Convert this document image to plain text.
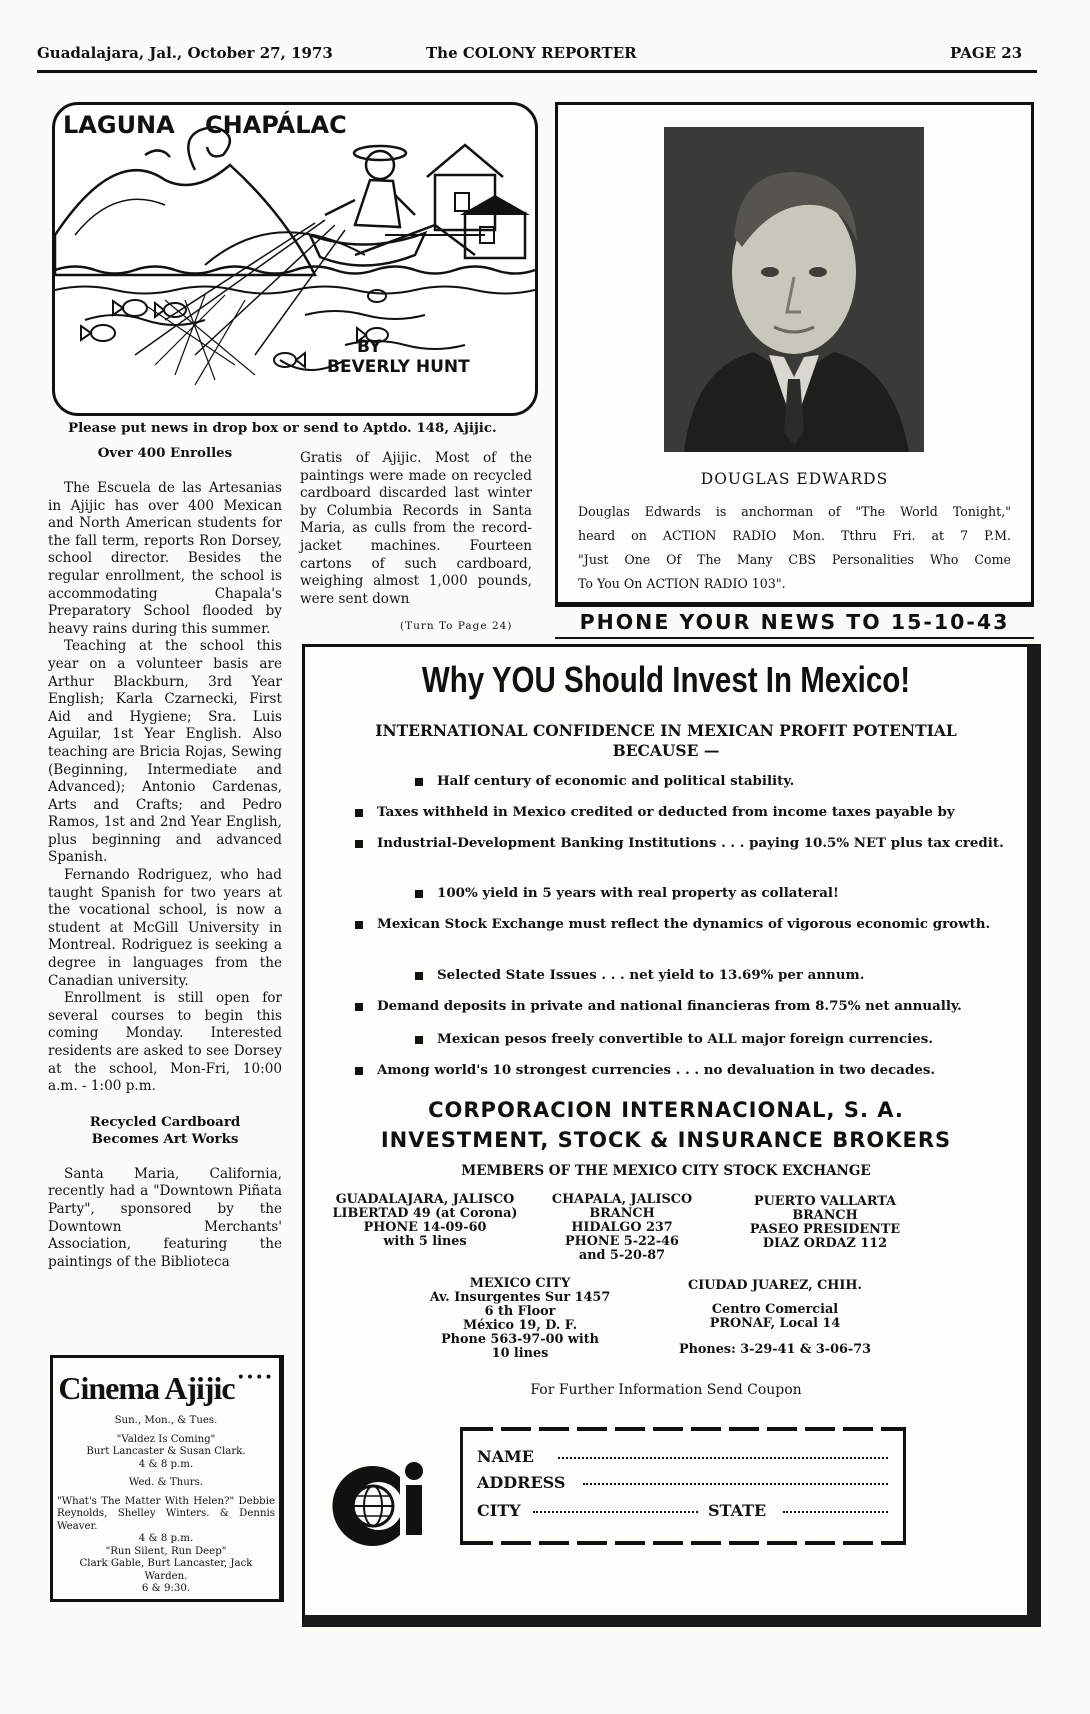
Guadalajara, Jal., October 27, 1973	The COLONY REPORTER	PAGE 23
LAGUNA CHAPÁLAC
BY
BEVERLY HUNT
Please put news in drop box or send to Aptdo. 148, Ajijic.
Over 400 Enrolles

The Escuela de las Artesanias in Ajijic has over 400 Mexican and North American students for the fall term, reports Ron Dorsey, school director. Besides the regular enrollment, the school is accommodating Chapala's Preparatory School flooded by heavy rains during this summer.

Teaching at the school this year on a volunteer basis are Arthur Blackburn, 3rd Year English; Karla Czarnecki, First Aid and Hygiene; Sra. Luis Aguilar, 1st Year English. Also teaching are Bricia Rojas, Sewing (Beginning, Intermediate and Advanced); Antonio Cardenas, Arts and Crafts; and Pedro Ramos, 1st and 2nd Year English, plus beginning and advanced Spanish.

Fernando Rodriguez, who had taught Spanish for two years at the vocational school, is now a student at McGill University in Montreal. Rodriguez is seeking a degree in languages from the Canadian university.

Enrollment is still open for several courses to begin this coming Monday. Interested residents are asked to see Dorsey at the school, Mon-Fri, 10:00 a.m. - 1:00 p.m.

Recycled Cardboard
Becomes Art Works

Santa Maria, California, recently had a "Downtown Piñata Party", sponsored by the Downtown Merchants' Association, featuring the paintings of the Biblioteca

Gratis of Ajijic. Most of the paintings were made on recycled cardboard discarded last winter by Columbia Records in Santa Maria, as culls from the record-jacket machines. Fourteen cartons of such cardboard, weighing almost 1,000 pounds, were sent down

(Turn To Page 24)
Cinema Ajijic ••••
Sun., Mon., & Tues.
"Valdez Is Coming"
Burt Lancaster & Susan Clark.
4 & 8 p.m.
Wed. & Thurs.
"What's The Matter With Helen?" Debbie Reynolds, Shelley Winters. & Dennis Weaver.
4 & 8 p.m.
"Run Silent, Run Deep"
Clark Gable, Burt Lancaster, Jack Warden.
6 & 9:30.
DOUGLAS EDWARDS
Douglas Edwards is anchorman of "The World Tonight,"
heard on ACTION RADIO Mon. Tthru Fri. at 7 P.M.
"Just One Of The Many CBS Personalities Who Come
To You On ACTION RADIO 103".
PHONE YOUR NEWS TO 15-10-43
Why YOU Should Invest In Mexico!
INTERNATIONAL CONFIDENCE IN MEXICAN PROFIT POTENTIAL
BECAUSE —
Half century of economic and political stability.
Taxes withheld in Mexico credited or deducted from income taxes payable by
Industrial-Development Banking Institutions . . . paying 10.5% NET plus tax credit.
100% yield in 5 years with real property as collateral!
Mexican Stock Exchange must reflect the dynamics of vigorous economic growth.
Selected State Issues . . . net yield to 13.69% per annum.
Demand deposits in private and national financieras from 8.75% net annually.
Mexican pesos freely convertible to ALL major foreign currencies.
Among world's 10 strongest currencies . . . no devaluation in two decades.
CORPORACION INTERNACIONAL, S. A.
INVESTMENT, STOCK & INSURANCE BROKERS
MEMBERS OF THE MEXICO CITY STOCK EXCHANGE
GUADALAJARA, JALISCO
LIBERTAD 49 (at Corona)
PHONE 14-09-60
with 5 lines
CHAPALA, JALISCO
BRANCH
HIDALGO 237
PHONE 5-22-46
and 5-20-87
PUERTO VALLARTA
BRANCH
PASEO PRESIDENTE
DIAZ ORDAZ 112
MEXICO CITY
Av. Insurgentes Sur 1457
6 th Floor
México 19, D. F.
Phone 563-97-00 with
10 lines
CIUDAD JUAREZ, CHIH.
Centro Comercial
PRONAF, Local 14
Phones: 3-29-41 & 3-06-73
For Further Information Send Coupon
NAME
ADDRESS
CITY	STATE
